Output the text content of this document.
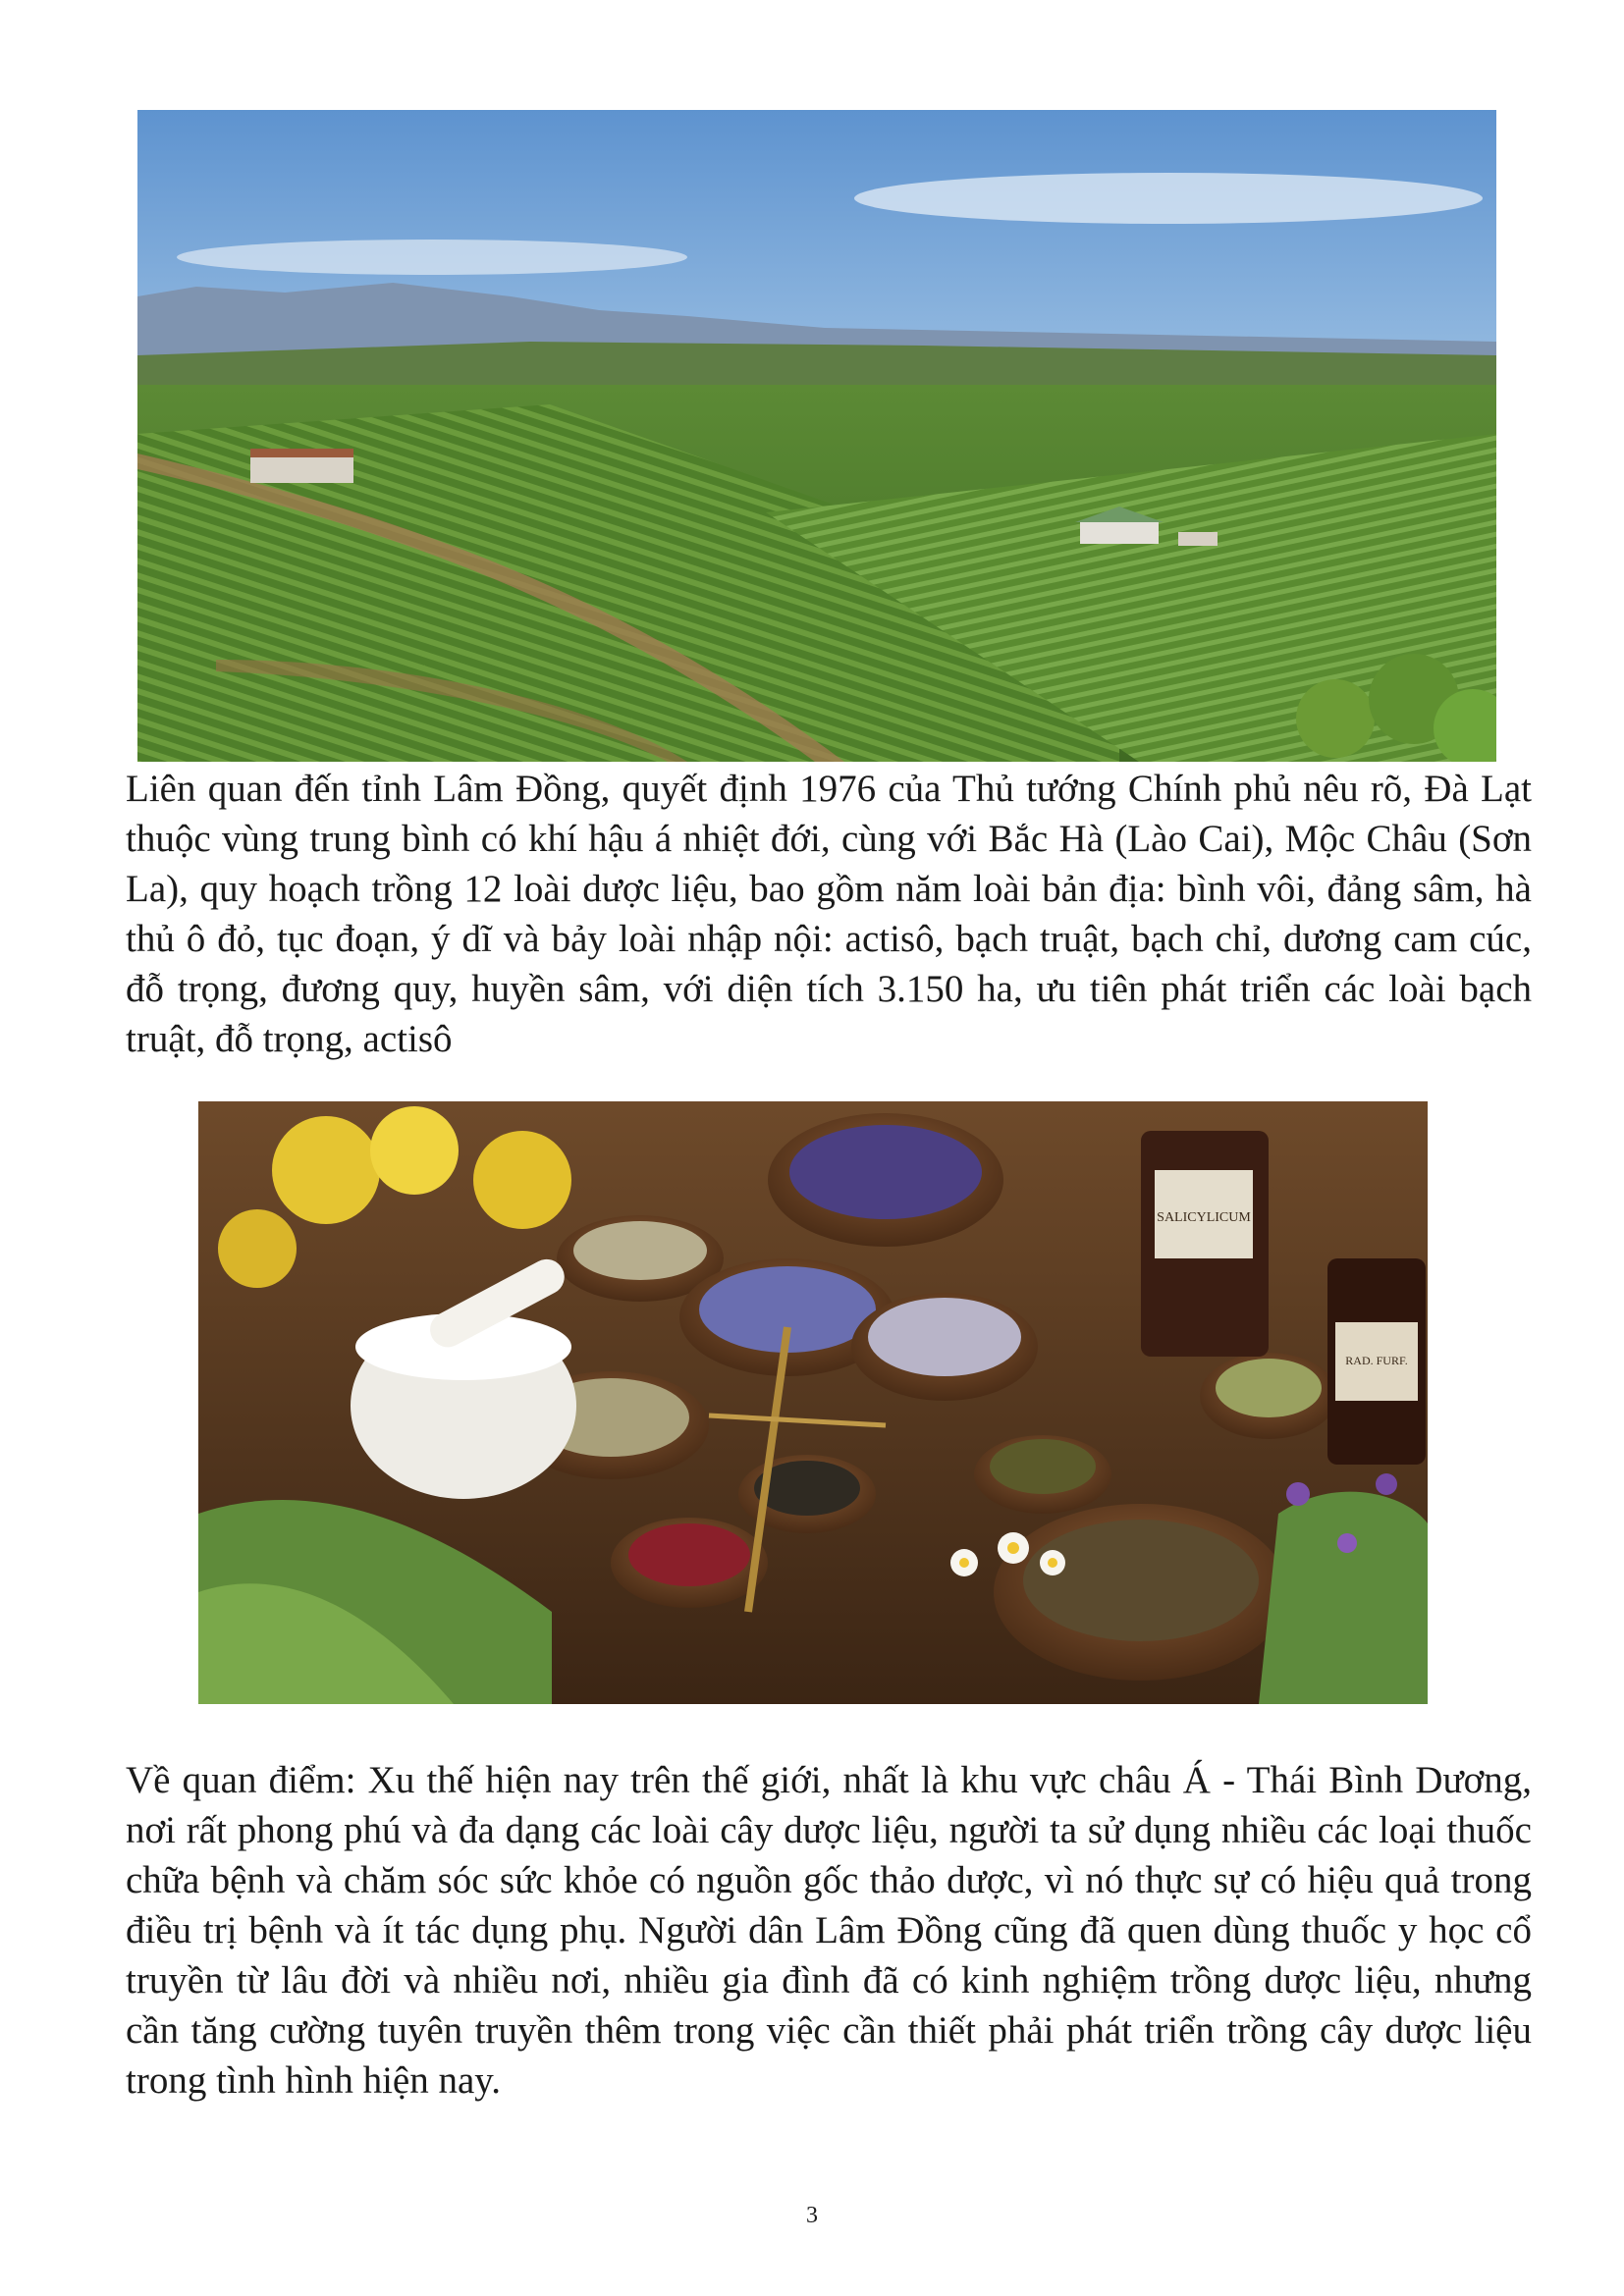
Liên quan đến tỉnh Lâm Đồng, quyết định 1976 của Thủ tướng Chính phủ nêu rõ, Đà Lạt thuộc vùng trung bình có khí hậu á nhiệt đới, cùng với Bắc Hà (Lào Cai), Mộc Châu (Sơn La), quy hoạch trồng 12 loài dược liệu, bao gồm năm loài bản địa: bình vôi, đảng sâm, hà thủ ô đỏ, tục đoạn, ý dĩ và bảy loài nhập nội: actisô, bạch truật, bạch chỉ, dương cam cúc, đỗ trọng, đương quy, huyền sâm, với diện tích 3.150 ha, ưu tiên phát triển các loài bạch truật, đỗ trọng, actisô

SALICYLICUM
RAD. FURF.

Về quan điểm: Xu thế hiện nay trên thế giới, nhất là khu vực châu Á - Thái Bình Dương, nơi rất phong phú và đa dạng các loài cây dược liệu, người ta sử dụng nhiều các loại thuốc chữa bệnh và chăm sóc sức khỏe có nguồn gốc thảo dược, vì nó thực sự có hiệu quả trong điều trị bệnh và ít tác dụng phụ. Người dân Lâm Đồng cũng đã quen dùng thuốc y học cổ truyền từ lâu đời và nhiều nơi, nhiều gia đình đã có kinh nghiệm trồng dược liệu, nhưng cần tăng cường tuyên truyền thêm trong việc cần thiết phải phát triển trồng cây dược liệu trong tình hình hiện nay.

3
